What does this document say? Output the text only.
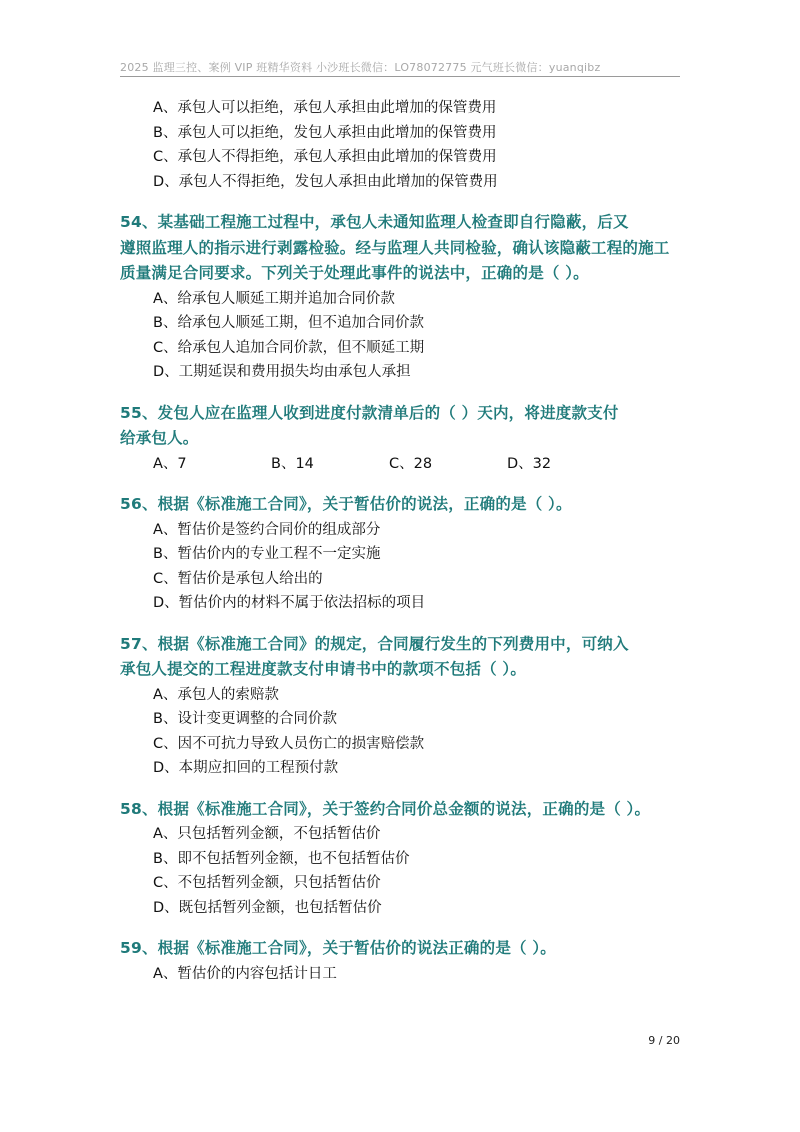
2025 监理三控、案例 VIP 班精华资料 小沙班长微信：LO78072775 元气班长微信：yuanqibz
A、承包人可以拒绝，承包人承担由此增加的保管费用
B、承包人可以拒绝，发包人承担由此增加的保管费用
C、承包人不得拒绝，承包人承担由此增加的保管费用
D、承包人不得拒绝，发包人承担由此增加的保管费用
54、某基础工程施工过程中，承包人未通知监理人检查即自行隐蔽，后又
遵照监理人的指示进行剥露检验。经与监理人共同检验，确认该隐蔽工程的施工
质量满足合同要求。下列关于处理此事件的说法中，正确的是（ ）。
A、给承包人顺延工期并追加合同价款
B、给承包人顺延工期，但不追加合同价款
C、给承包人追加合同价款，但不顺延工期
D、工期延误和费用损失均由承包人承担
55、发包人应在监理人收到进度付款清单后的（ ）天内，将进度款支付
给承包人。
A、7	B、14	C、28	D、32
56、根据《标准施工合同》，关于暂估价的说法，正确的是（ ）。
A、暂估价是签约合同价的组成部分
B、暂估价内的专业工程不一定实施
C、暂估价是承包人给出的
D、暂估价内的材料不属于依法招标的项目
57、根据《标准施工合同》的规定，合同履行发生的下列费用中，可纳入
承包人提交的工程进度款支付申请书中的款项不包括（ ）。
A、承包人的索赔款
B、设计变更调整的合同价款
C、因不可抗力导致人员伤亡的损害赔偿款
D、本期应扣回的工程预付款
58、根据《标准施工合同》，关于签约合同价总金额的说法，正确的是（ ）。
A、只包括暂列金额，不包括暂估价
B、即不包括暂列金额，也不包括暂估价
C、不包括暂列金额，只包括暂估价
D、既包括暂列金额，也包括暂估价
59、根据《标准施工合同》，关于暂估价的说法正确的是（ ）。
A、暂估价的内容包括计日工
9 / 20
